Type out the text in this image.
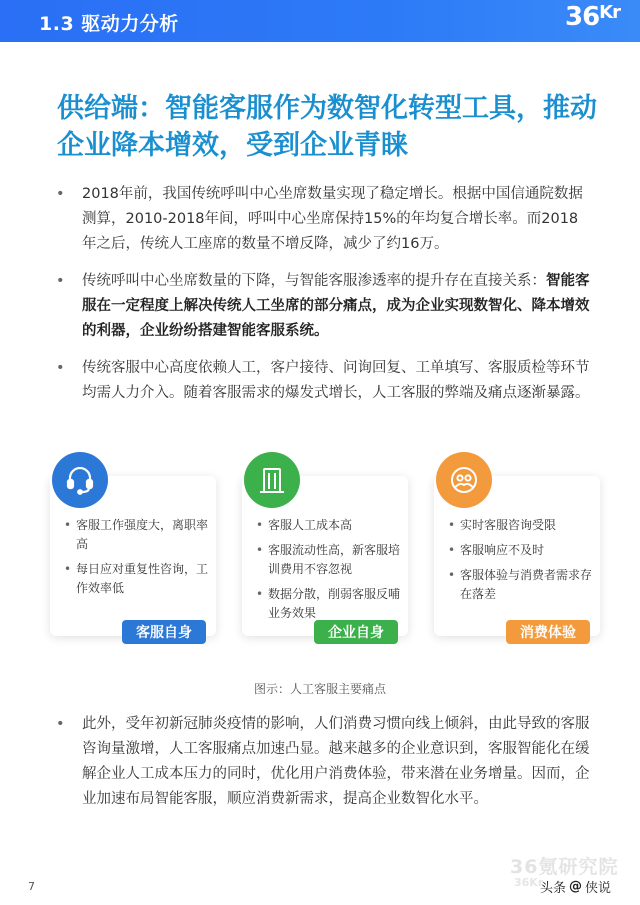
1.3 驱动力分析	$36^{Kr}$
供给端：智能客服作为数智化转型工具，推动企业降本增效，受到企业青睐
• 2018年前，我国传统呼叫中心坐席数量实现了稳定增长。根据中国信通院数据测算，2010-2018年间，呼叫中心坐席保持15%的年均复合增长率。而2018年之后，传统人工座席的数量不增反降，减少了约16万。
• 传统呼叫中心坐席数量的下降，与智能客服渗透率的提升存在直接关系：智能客服在一定程度上解决传统人工坐席的部分痛点，成为企业实现数智化、降本增效的利器，企业纷纷搭建智能客服系统。
• 传统客服中心高度依赖人工，客户接待、问询回复、工单填写、客服质检等环节均需人力介入。随着客服需求的爆发式增长，人工客服的弊端及痛点逐渐暴露。
• 客服工作强度大，离职率高
• 每日应对重复性咨询，工作效率低
客服自身
• 客服人工成本高
• 客服流动性高，新客服培训费用不容忽视
• 数据分散，削弱客服反哺业务效果
企业自身
• 实时客服咨询受限
• 客服响应不及时
• 客服体验与消费者需求存在落差
消费体验
图示：人工客服主要痛点
• 此外，受年初新冠肺炎疫情的影响，人们消费习惯向线上倾斜，由此导致的客服咨询量激增，人工客服痛点加速凸显。越来越多的企业意识到，客服智能化在缓解企业人工成本压力的同时，优化用户消费体验，带来潜在业务增量。因而，企业加速布局智能客服，顺应消费新需求，提高企业数智化水平。
7
36氪研究院
36Kr
头条 @ 侠说
